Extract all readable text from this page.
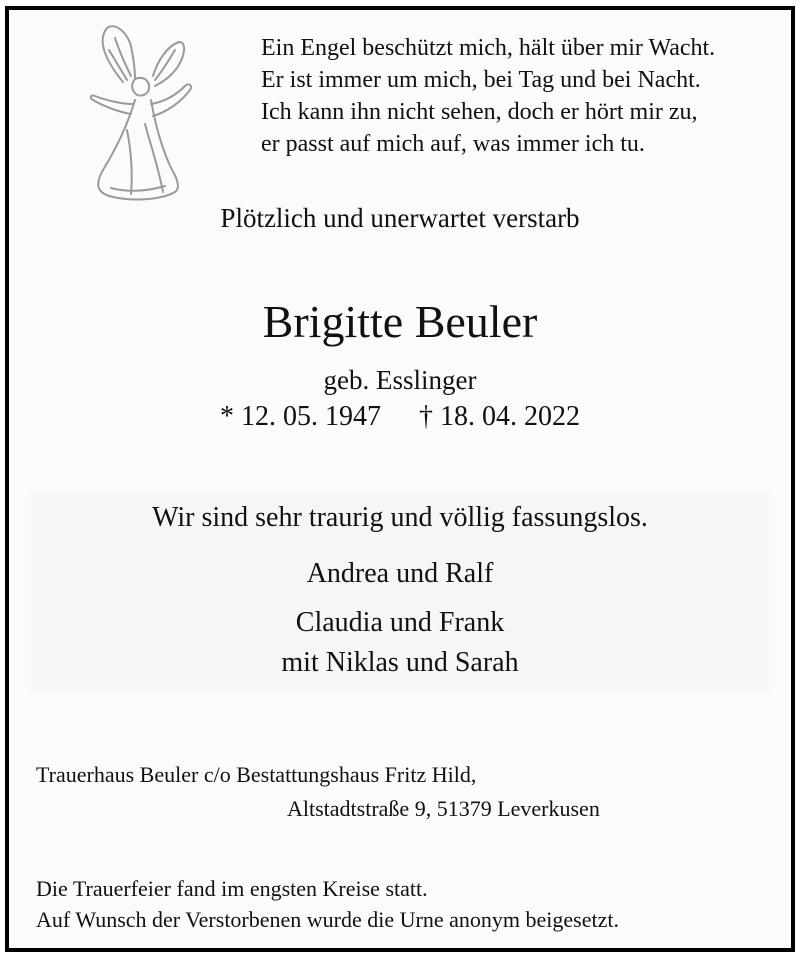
Ein Engel beschützt mich, hält über mir Wacht.
Er ist immer um mich, bei Tag und bei Nacht.
Ich kann ihn nicht sehen, doch er hört mir zu,
er passt auf mich auf, was immer ich tu.
Plötzlich und unerwartet verstarb
Brigitte Beuler
geb. Esslinger
* 12. 05. 1947 † 18. 04. 2022
Wir sind sehr traurig und völlig fassungslos.
Andrea und Ralf
Claudia und Frank
mit Niklas und Sarah
Trauerhaus Beuler c/o Bestattungshaus Fritz Hild,
Altstadtstraße 9, 51379 Leverkusen
Die Trauerfeier fand im engsten Kreise statt.
Auf Wunsch der Verstorbenen wurde die Urne anonym beigesetzt.
